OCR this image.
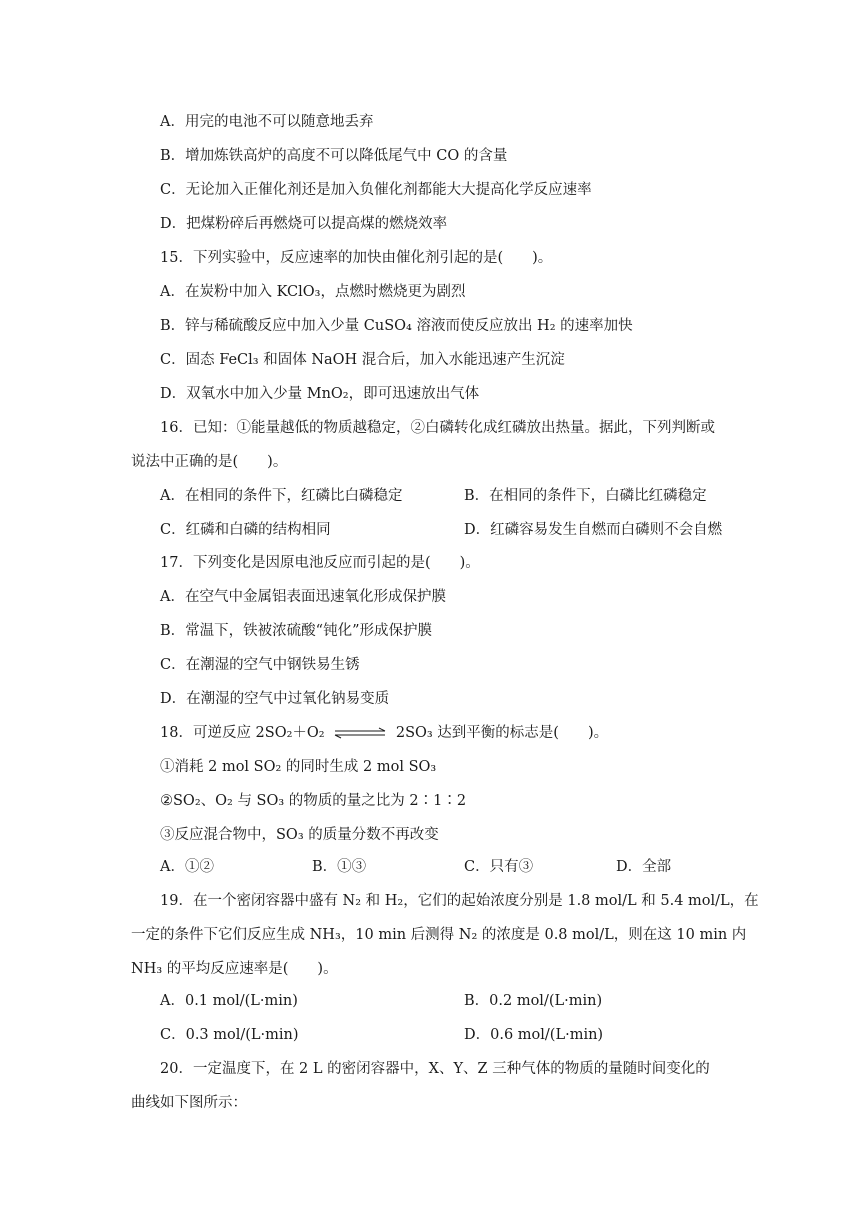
A．用完的电池不可以随意地丢弃
B．增加炼铁高炉的高度不可以降低尾气中 CO 的含量
C．无论加入正催化剂还是加入负催化剂都能大大提高化学反应速率
D．把煤粉碎后再燃烧可以提高煤的燃烧效率
15．下列实验中，反应速率的加快由催化剂引起的是(　　)。
A．在炭粉中加入 KClO₃，点燃时燃烧更为剧烈
B．锌与稀硫酸反应中加入少量 CuSO₄ 溶液而使反应放出 H₂ 的速率加快
C．固态 FeCl₃ 和固体 NaOH 混合后，加入水能迅速产生沉淀
D．双氧水中加入少量 MnO₂，即可迅速放出气体
16．已知：①能量越低的物质越稳定，②白磷转化成红磷放出热量。据此，下列判断或
说法中正确的是(　　)。
A．在相同的条件下，红磷比白磷稳定	B．在相同的条件下，白磷比红磷稳定
C．红磷和白磷的结构相同	D．红磷容易发生自燃而白磷则不会自燃
17．下列变化是因原电池反应而引起的是(　　)。
A．在空气中金属铝表面迅速氧化形成保护膜
B．常温下，铁被浓硫酸“钝化”形成保护膜
C．在潮湿的空气中钢铁易生锈
D．在潮湿的空气中过氧化钠易变质
18．可逆反应 2SO₂＋O₂ ⇌ 2SO₃ 达到平衡的标志是(　　)。
①消耗 2 mol SO₂ 的同时生成 2 mol SO₃
②SO₂、O₂ 与 SO₃ 的物质的量之比为 2∶1∶2
③反应混合物中，SO₃ 的质量分数不再改变
A．①②	B．①③	C．只有③	D．全部
19．在一个密闭容器中盛有 N₂ 和 H₂，它们的起始浓度分别是 1.8 mol/L 和 5.4 mol/L，在
一定的条件下它们反应生成 NH₃，10 min 后测得 N₂ 的浓度是 0.8 mol/L，则在这 10 min 内
NH₃ 的平均反应速率是(　　)。
A．0.1 mol/(L·min)	B．0.2 mol/(L·min)
C．0.3 mol/(L·min)	D．0.6 mol/(L·min)
20．一定温度下，在 2 L 的密闭容器中，X、Y、Z 三种气体的物质的量随时间变化的
曲线如下图所示：
